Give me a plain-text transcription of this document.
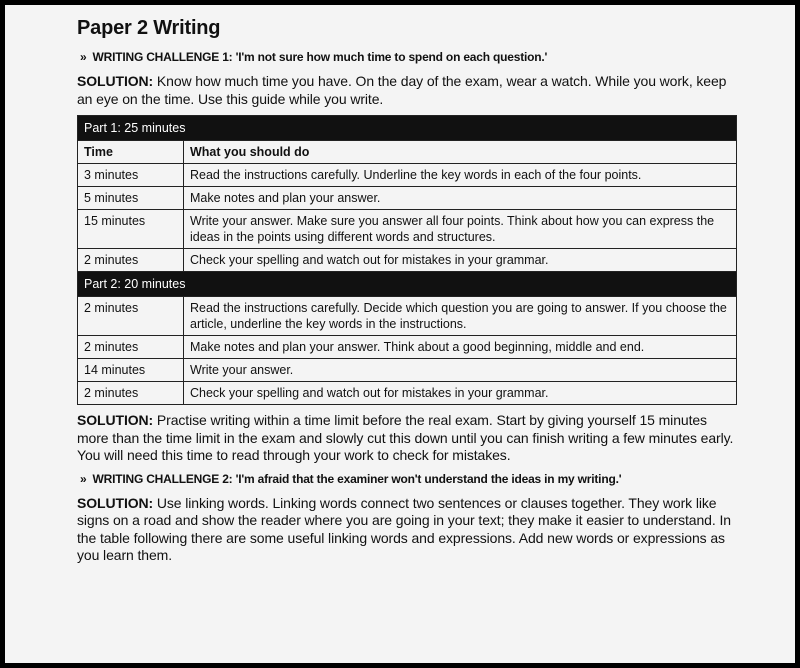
Paper 2 Writing
» WRITING CHALLENGE 1: 'I'm not sure how much time to spend on each question.'
SOLUTION: Know how much time you have. On the day of the exam, wear a watch. While you work, keep an eye on the time. Use this guide while you write.
Part 1: 25 minutes	
Time	What you should do
3 minutes	Read the instructions carefully. Underline the key words in each of the four points.
5 minutes	Make notes and plan your answer.
15 minutes	Write your answer. Make sure you answer all four points. Think about how you can express the ideas in the points using different words and structures.
2 minutes	Check your spelling and watch out for mistakes in your grammar.
Part 2: 20 minutes	
2 minutes	Read the instructions carefully. Decide which question you are going to answer. If you choose the article, underline the key words in the instructions.
2 minutes	Make notes and plan your answer. Think about a good beginning, middle and end.
14 minutes	Write your answer.
2 minutes	Check your spelling and watch out for mistakes in your grammar.
SOLUTION: Practise writing within a time limit before the real exam. Start by giving yourself 15 minutes more than the time limit in the exam and slowly cut this down until you can finish writing a few minutes early. You will need this time to read through your work to check for mistakes.
» WRITING CHALLENGE 2: 'I'm afraid that the examiner won't understand the ideas in my writing.'
SOLUTION: Use linking words. Linking words connect two sentences or clauses together. They work like signs on a road and show the reader where you are going in your text; they make it easier to understand. In the table following there are some useful linking words and expressions. Add new words or expressions as you learn them.
